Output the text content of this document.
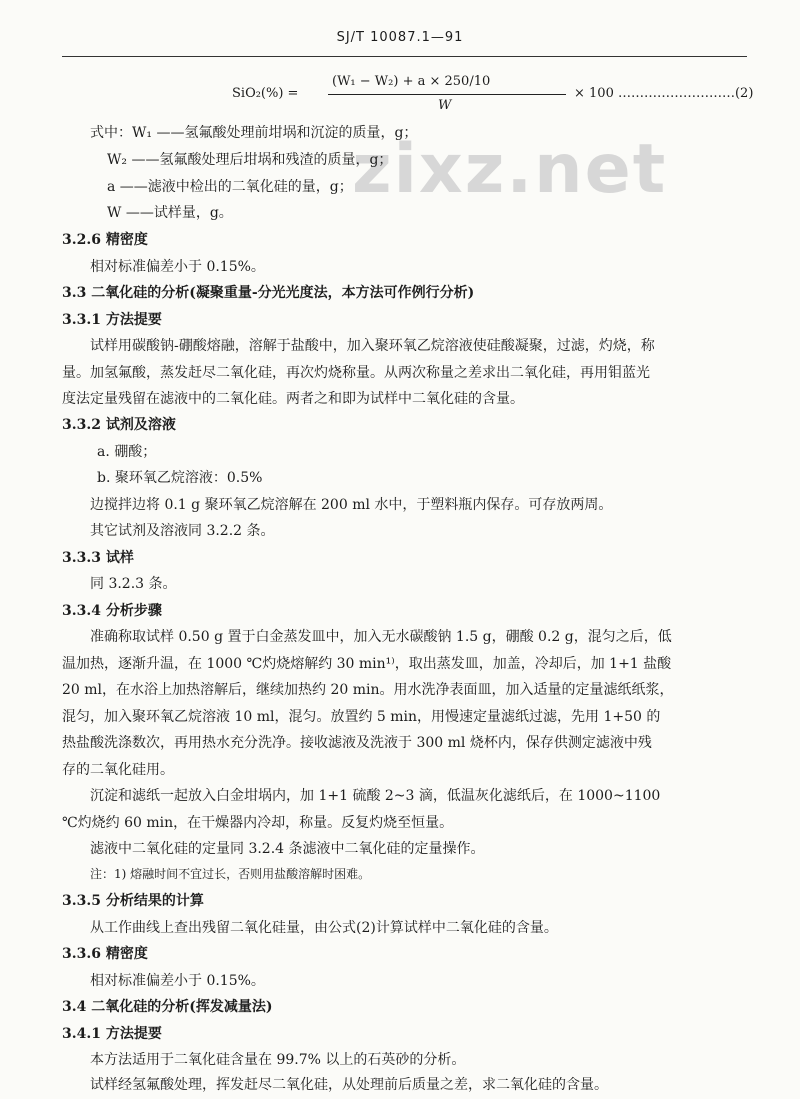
SJ/T 10087.1—91
SiO₂(%) =
(W₁ − W₂) + a × 250/10
W
× 100 ………………………(2)
zixz.net
式中：W₁ ——氢氟酸处理前坩埚和沉淀的质量，g；
W₂ ——氢氟酸处理后坩埚和残渣的质量，g；
a ——滤液中检出的二氧化硅的量，g；
W ——试样量，g。
3.2.6 精密度
相对标准偏差小于 0.15%。
3.3 二氧化硅的分析(凝聚重量-分光光度法，本方法可作例行分析)
3.3.1 方法提要
试样用碳酸钠-硼酸熔融，溶解于盐酸中，加入聚环氧乙烷溶液使硅酸凝聚，过滤，灼烧，称
量。加氢氟酸，蒸发赶尽二氧化硅，再次灼烧称量。从两次称量之差求出二氧化硅，再用钼蓝光
度法定量残留在滤液中的二氧化硅。两者之和即为试样中二氧化硅的含量。
3.3.2 试剂及溶液
a. 硼酸；
b. 聚环氧乙烷溶液：0.5%
边搅拌边将 0.1 g 聚环氧乙烷溶解在 200 ml 水中，于塑料瓶内保存。可存放两周。
其它试剂及溶液同 3.2.2 条。
3.3.3 试样
同 3.2.3 条。
3.3.4 分析步骤
准确称取试样 0.50 g 置于白金蒸发皿中，加入无水碳酸钠 1.5 g，硼酸 0.2 g，混匀之后，低
温加热，逐渐升温，在 1000 ℃灼烧熔解约 30 min¹⁾，取出蒸发皿，加盖，冷却后，加 1+1 盐酸
20 ml，在水浴上加热溶解后，继续加热约 20 min。用水洗净表面皿，加入适量的定量滤纸纸浆，
混匀，加入聚环氧乙烷溶液 10 ml，混匀。放置约 5 min，用慢速定量滤纸过滤，先用 1+50 的
热盐酸洗涤数次，再用热水充分洗净。接收滤液及洗液于 300 ml 烧杯内，保存供测定滤液中残
存的二氧化硅用。
沉淀和滤纸一起放入白金坩埚内，加 1+1 硫酸 2~3 滴，低温灰化滤纸后，在 1000~1100
℃灼烧约 60 min，在干燥器内冷却，称量。反复灼烧至恒量。
滤液中二氧化硅的定量同 3.2.4 条滤液中二氧化硅的定量操作。
注：1) 熔融时间不宜过长，否则用盐酸溶解时困难。
3.3.5 分析结果的计算
从工作曲线上查出残留二氧化硅量，由公式(2)计算试样中二氧化硅的含量。
3.3.6 精密度
相对标准偏差小于 0.15%。
3.4 二氧化硅的分析(挥发减量法)
3.4.1 方法提要
本方法适用于二氧化硅含量在 99.7% 以上的石英砂的分析。
试样经氢氟酸处理，挥发赶尽二氧化硅，从处理前后质量之差，求二氧化硅的含量。
